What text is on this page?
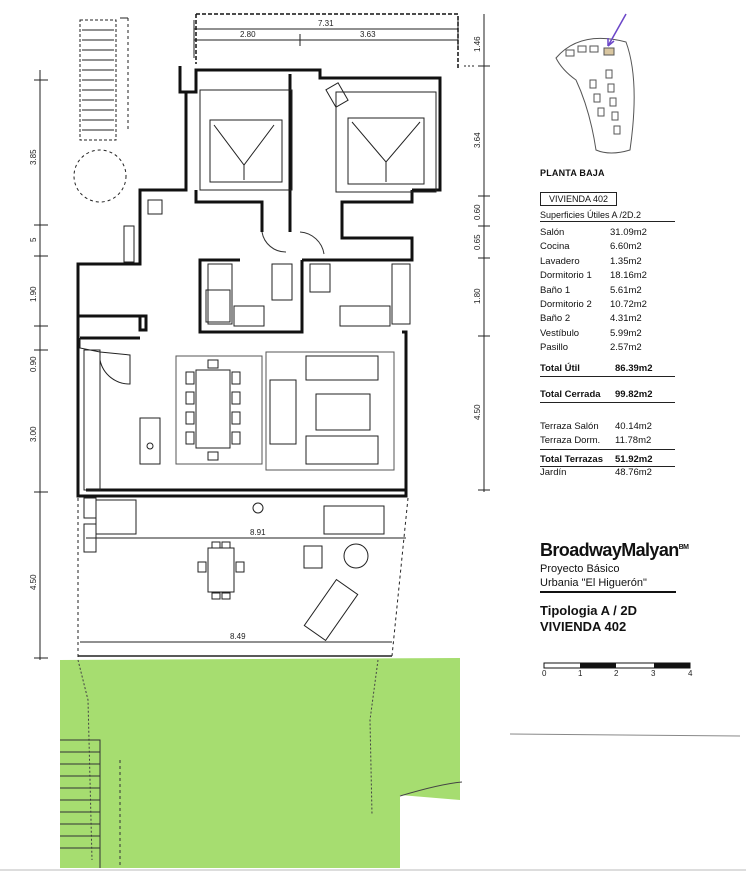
7.31
2.80	3.63
8.91
8.49
3.85
5
1.90
0.90
3.00
4.50
1.46
3.64
0.60
0.65
1.80
4.50
0	1	2	3	4
PLANTA BAJA
VIVIENDA 402
Superficies Útiles A /2D.2
Salón	31.09m2
Cocina	6.60m2
Lavadero	1.35m2
Dormitorio 1	18.16m2
Baño 1	5.61m2
Dormitorio 2	10.72m2
Baño 2	4.31m2
Vestíbulo	5.99m2
Pasillo	2.57m2
Total Útil	86.39m2
Total Cerrada	99.82m2
Terraza Salón	40.14m2
Terraza Dorm.	11.78m2
Total Terrazas	51.92m2
Jardín	48.76m2
BroadwayMalyan$^{BM}$
Proyecto Básico
Urbania "El Higuerón"
Tipologia A / 2D
VIVIENDA 402
